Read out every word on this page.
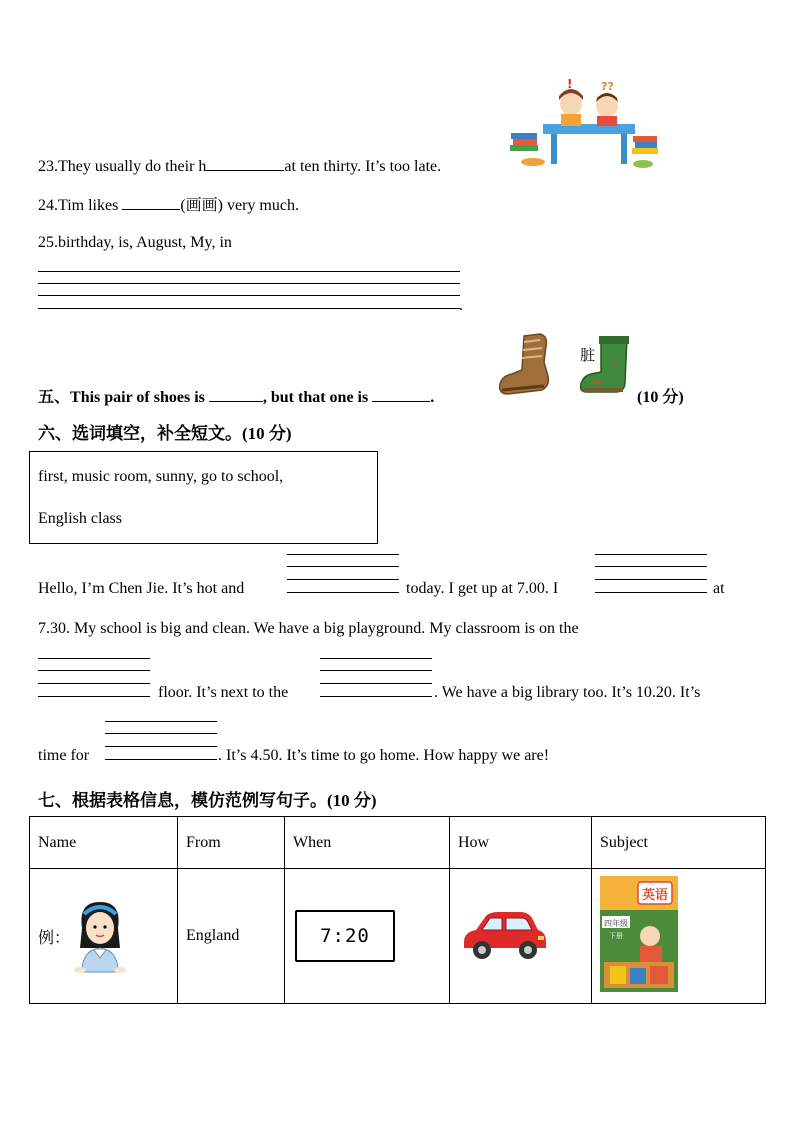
!	??
23.They usually do their h	at ten thirty. It’s too late.
24.Tim likes	(画画) very much.
25.birthday, is, August, My, in
.
五、This pair of shoes is	, but that one is	.
脏
(10 分)
六、选词填空，补全短文。(10 分)
first, music room, sunny, go to school,
English class
Hello, I’m Chen Jie. It’s hot and	today. I get up at 7.00. I	at
7.30. My school is big and clean. We have a big playground. My classroom is on the
floor. It’s next to the	. We have a big library too. It’s 10.20. It’s
time for	. It’s 4.50. It’s time to go home. How happy we are!
七、根据表格信息，模仿范例写句子。(10 分)
Name	From	When	How	Subject

例：	England	7:20		英语
四年级
下册
